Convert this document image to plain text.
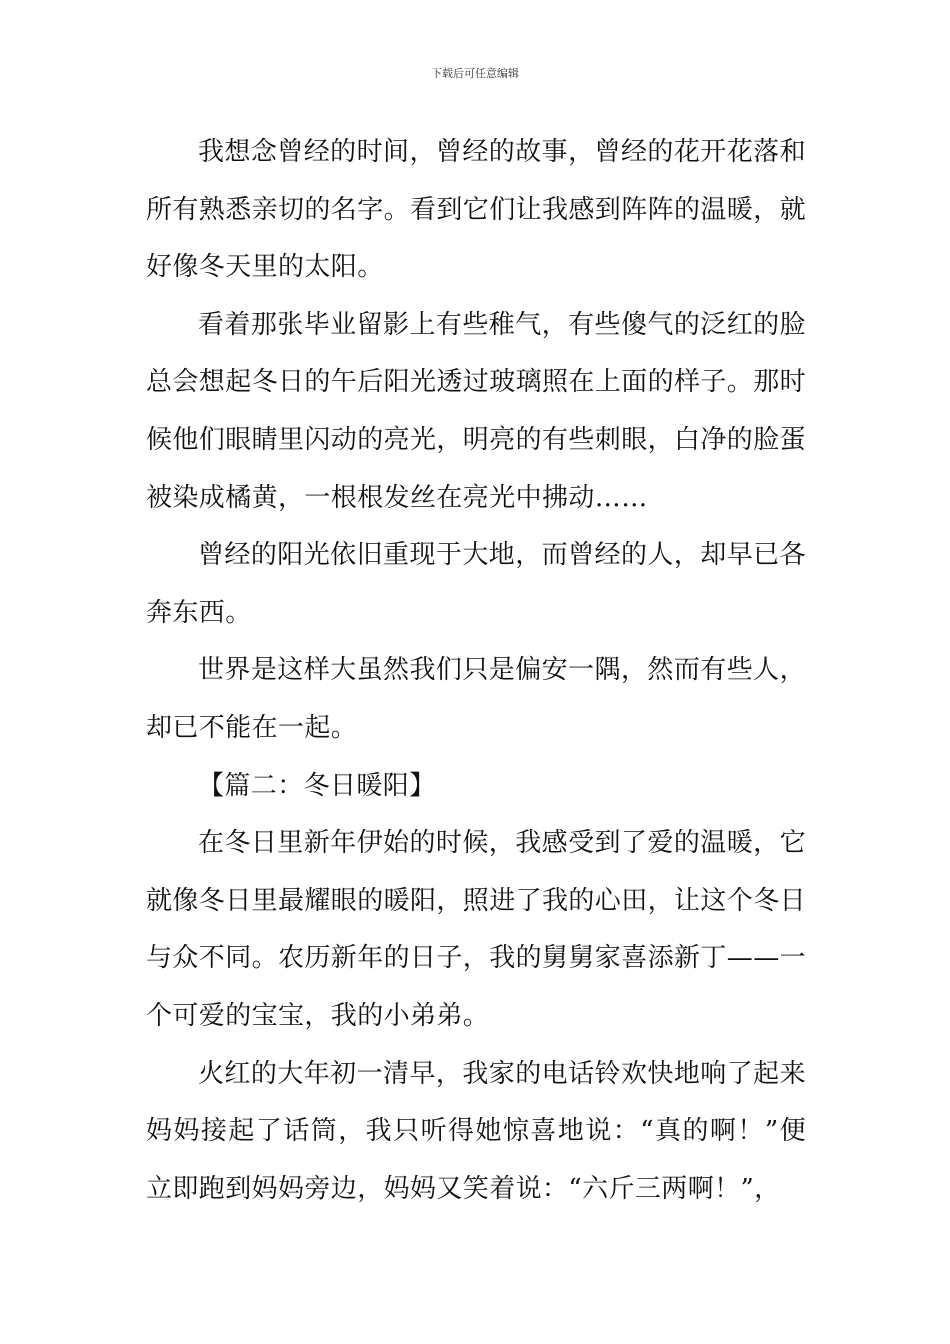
下载后可任意编辑

我想念曾经的时间，曾经的故事，曾经的花开花落和所有熟悉亲切的名字。看到它们让我感到阵阵的温暖，就好像冬天里的太阳。

看着那张毕业留影上有些稚气，有些傻气的泛红的脸总会想起冬日的午后阳光透过玻璃照在上面的样子。那时候他们眼睛里闪动的亮光，明亮的有些刺眼，白净的脸蛋被染成橘黄，一根根发丝在亮光中拂动……

曾经的阳光依旧重现于大地，而曾经的人，却早已各奔东西。

世界是这样大虽然我们只是偏安一隅，然而有些人，却已不能在一起。

【篇二：冬日暖阳】

在冬日里新年伊始的时候，我感受到了爱的温暖，它就像冬日里最耀眼的暖阳，照进了我的心田，让这个冬日与众不同。农历新年的日子，我的舅舅家喜添新丁——一个可爱的宝宝，我的小弟弟。

火红的大年初一清早，我家的电话铃欢快地响了起来妈妈接起了话筒，我只听得她惊喜地说：“真的啊！”便立即跑到妈妈旁边，妈妈又笑着说：“六斤三两啊！”，
